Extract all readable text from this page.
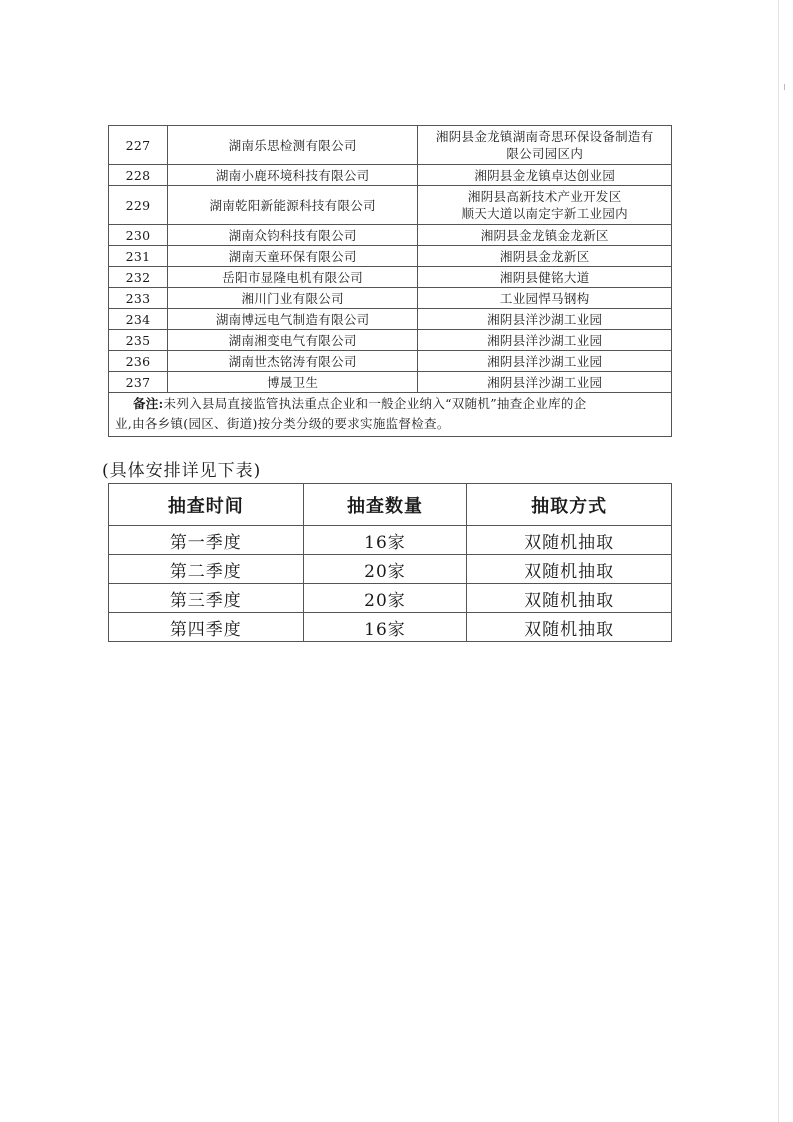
227	湖南乐思检测有限公司	湘阴县金龙镇湖南奇思环保设备制造有
限公司园区内
228	湖南小鹿环境科技有限公司	湘阴县金龙镇卓达创业园
229	湖南乾阳新能源科技有限公司	湘阴县高新技术产业开发区
顺天大道以南定宇新工业园内
230	湖南众钧科技有限公司	湘阴县金龙镇金龙新区
231	湖南天童环保有限公司	湘阴县金龙新区
232	岳阳市显隆电机有限公司	湘阴县健铭大道
233	湘川门业有限公司	工业园悍马钢构
234	湖南博远电气制造有限公司	湘阴县洋沙湖工业园
235	湖南湘变电气有限公司	湘阴县洋沙湖工业园
236	湖南世杰铭涛有限公司	湘阴县洋沙湖工业园
237	博晟卫生	湘阴县洋沙湖工业园
备注:未列入县局直接监管执法重点企业和一般企业纳入“双随机”抽查企业库的企
业,由各乡镇(园区、街道)按分类分级的要求实施监督检查。		

(具体安排详见下表)

抽查时间	抽查数量	抽取方式
第一季度	16家	双随机抽取
第二季度	20家	双随机抽取
第三季度	20家	双随机抽取
第四季度	16家	双随机抽取
